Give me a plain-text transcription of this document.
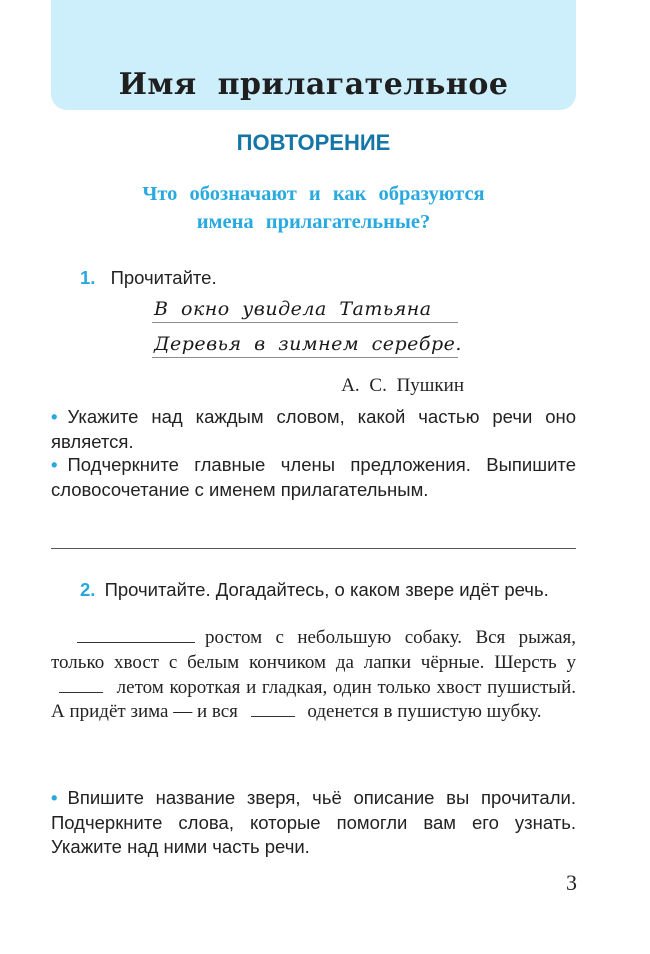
Имя прилагательное
ПОВТОРЕНИЕ
Что обозначают и как образуются
имена прилагательные?
1. Прочитайте.
В окно увидела Татьяна
Деревья в зимнем серебре.
А. С. Пушкин
• Укажите над каждым словом, какой частью речи оно является.
• Подчеркните главные члены предложения. Выпишите словосочетание с именем прилагательным.
2. Прочитайте. Догадайтесь, о каком звере идёт речь.
ростом с небольшую собаку. Вся рыжая, только хвост с белым кончиком да лапки чёрные. Шерсть у  летом короткая и гладкая, один только хвост пушистый. А придёт зима — и вся	оденется в пушистую шубку.
• Впишите название зверя, чьё описание вы прочитали. Подчеркните слова, которые помогли вам его узнать. Укажите над ними часть речи.
3
